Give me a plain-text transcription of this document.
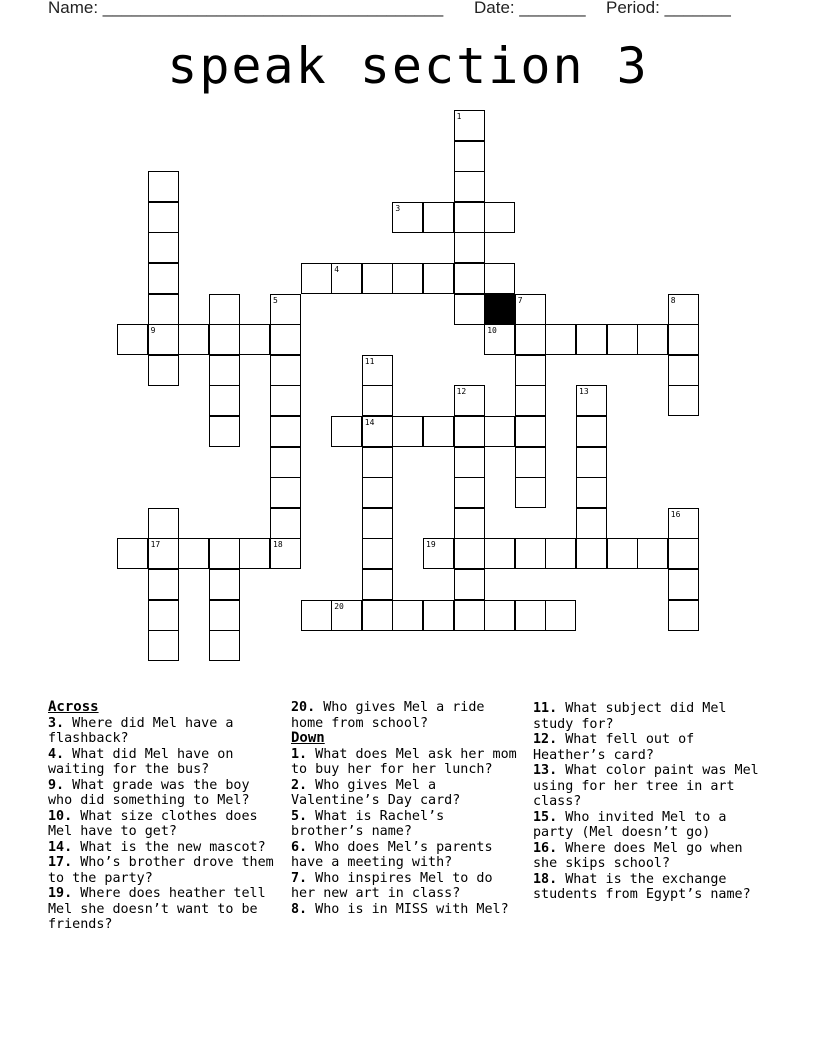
Name: ____________________________________ Date: _______ Period: _______
speak section 3
3
4
9	10
14
17	18	19
20
1
5	7	8
11
12	13
16
Across
3. Where did Mel have a flashback?
4. What did Mel have on waiting for the bus?
9. What grade was the boy who did something to Mel?
10. What size clothes does Mel have to get?
14. What is the new mascot?
17. Who’s brother drove them to the party?
19. Where does heather tell Mel she doesn’t want to be friends?
20. Who gives Mel a ride home from school?
Down
1. What does Mel ask her mom to buy her for her lunch?
2. Who gives Mel a Valentine’s Day card?
5. What is Rachel’s brother’s name?
6. Who does Mel’s parents have a meeting with?
7. Who inspires Mel to do her new art in class?
8. Who is in MISS with Mel?
11. What subject did Mel study for?
12. What fell out of Heather’s card?
13. What color paint was Mel using for her tree in art class?
15. Who invited Mel to a party (Mel doesn’t go)
16. Where does Mel go when she skips school?
18. What is the exchange students from Egypt’s name?
